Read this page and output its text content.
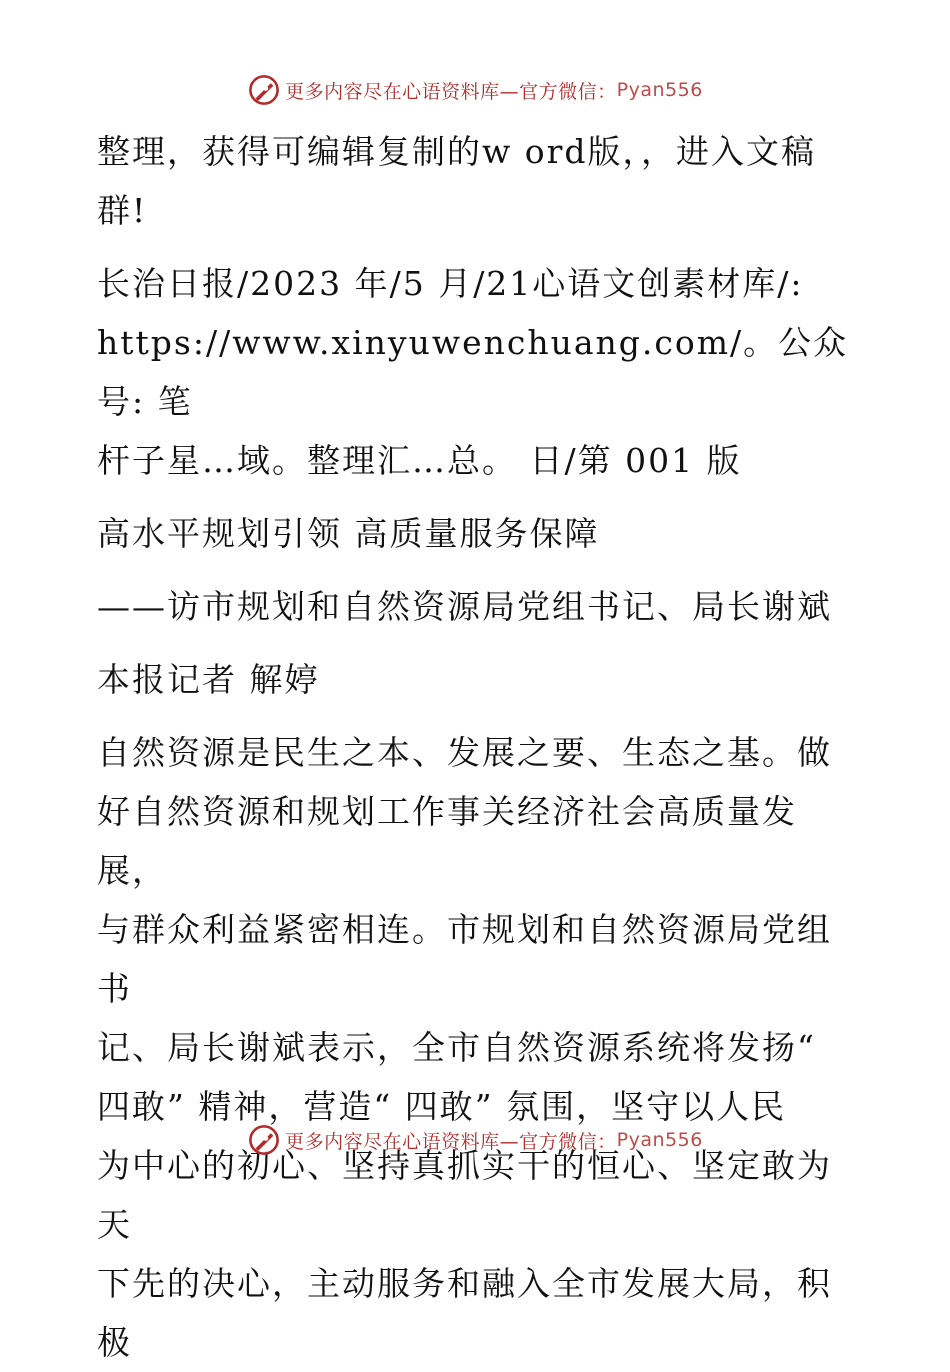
更多内容尽在心语资料库—官方微信： Pyan556

整理，获得可编辑复制的w ord版，，进入文稿
群!

长治日报/2023 年/5 月/21心语文创素材库/:
https://www.xinyuwenchuang.com/。公众号: 笔
杆子星…域。整理汇…总。 日/第 001 版

高水平规划引领 高质量服务保障

——访市规划和自然资源局党组书记、局长谢斌

本报记者 解婷

自然资源是民生之本、发展之要、生态之基。做
好自然资源和规划工作事关经济社会高质量发展，
与群众利益紧密相连。市规划和自然资源局党组书
记、局长谢斌表示，全市自然资源系统将发扬“
四敢” 精神，营造“ 四敢” 氛围，坚守以人民
为中心的初心、坚持真抓实干的恒心、坚定敢为天
下先的决心，主动服务和融入全市发展大局，积极

更多内容尽在心语资料库—官方微信： Pyan556
